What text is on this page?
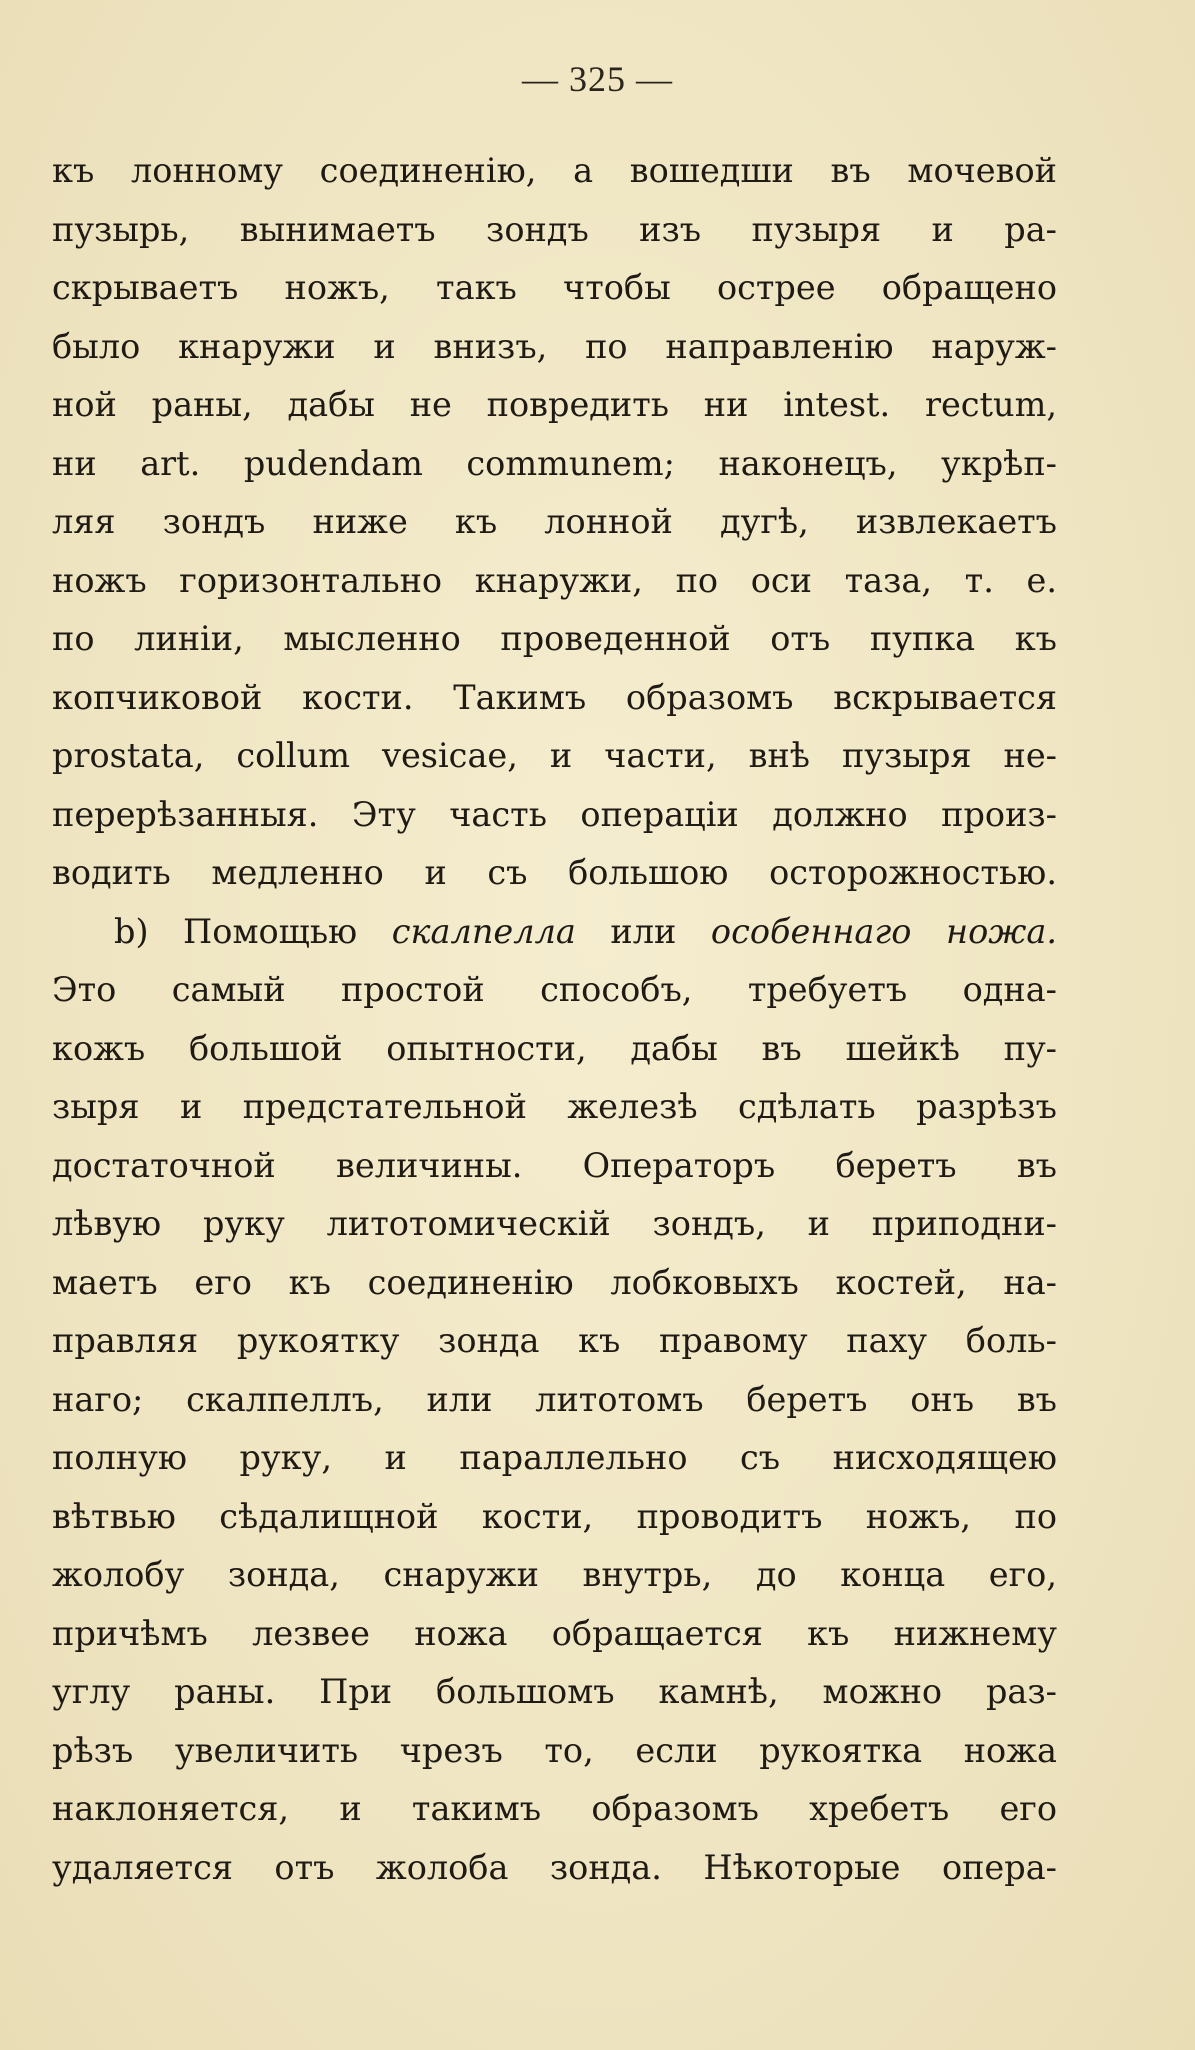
— 325 —
къ лонному соединенію, а вошедши въ мочевой
пузырь, вынимаетъ зондъ изъ пузыря и ра-
скрываетъ ножъ, такъ чтобы острее обращено
было кнаружи и внизъ, по направленію наруж-
ной раны, дабы не повредить ни intest. rectum,
ни art. pudendam communem; наконецъ, укрѣп-
ляя зондъ ниже къ лонной дугѣ, извлекаетъ
ножъ горизонтально кнаружи, по оси таза, т. е.
по линіи, мысленно проведенной отъ пупка къ
копчиковой кости. Такимъ образомъ вскрывается
prostata, collum vesicae, и части, внѣ пузыря не-
перерѣзанныя. Эту часть операціи должно произ-
водить медленно и съ большою осторожностью.
b) Помощью скалпелла или особеннаго ножа.
Это самый простой способъ, требуетъ одна-
кожъ большой опытности, дабы въ шейкѣ пу-
зыря и предстательной железѣ сдѣлать разрѣзъ
достаточной величины. Операторъ беретъ въ
лѣвую руку литотомическій зондъ, и приподни-
маетъ его къ соединенію лобковыхъ костей, на-
правляя рукоятку зонда къ правому паху боль-
наго; скалпеллъ, или литотомъ беретъ онъ въ
полную руку, и параллельно съ нисходящею
вѣтвью сѣдалищной кости, проводитъ ножъ, по
жолобу зонда, снаружи внутрь, до конца его,
причѣмъ лезвее ножа обращается къ нижнему
углу раны. При большомъ камнѣ, можно раз-
рѣзъ увеличить чрезъ то, если рукоятка ножа
наклоняется, и такимъ образомъ хребетъ его
удаляется отъ жолоба зонда. Нѣкоторые опера-
